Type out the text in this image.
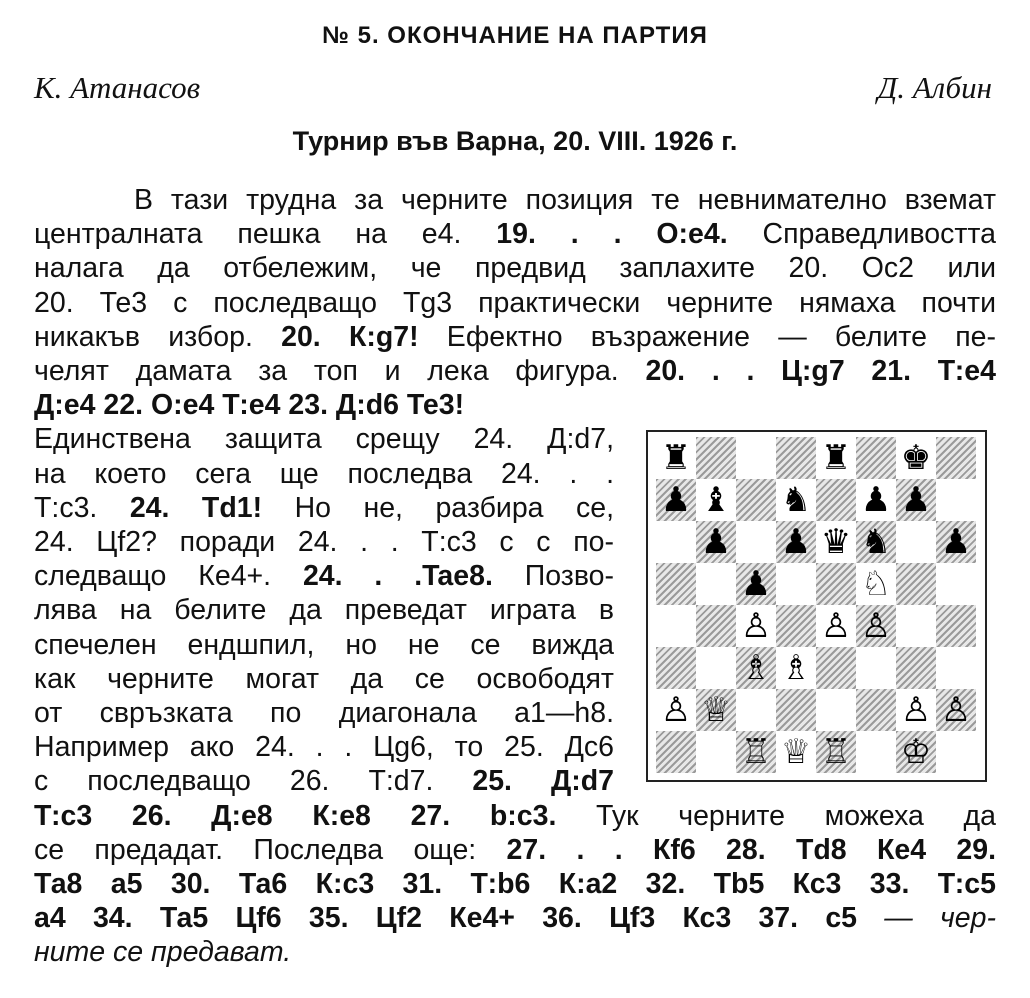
№ 5. ОКОНЧАНИЕ НА ПАРТИЯ
К. Атанасов	Д. Албин
Турнир във Варна, 20. VIII. 1926 г.
В тази трудна за черните позиция те невнимателно вземат
централната пешка на е4. 19. . . О:е4. Справедливостта
налага да отбележим, че предвид заплахите 20. Ос2 или
20. Те3 с последващо Tg3 практически черните нямаха почти
никакъв избор. 20. К:g7! Ефектно възражение — белите пе-
челят дамата за топ и лека фигура. 20. . . Ц:g7 21. Т:е4
Д:е4 22. О:е4 Т:е4 23. Д:d6 Те3!
Единствена защита срещу 24. Д:d7,
на което сега ще последва 24. . .
Т:с3. 24. Тd1! Но не, разбира се,
24. Цf2? поради 24. . . Т:с3 с с по-
следващо Ке4+. 24. . .Tae8. Позво-
лява на белите да преведат играта в
спечелен ендшпил, но не се вижда
как черните могат да се освободят
от свръзката по диагонала а1—h8.
Например ако 24. . . Цg6, то 25. Дс6
с последващо 26. Т:d7. 25. Д:d7
Т:с3 26. Д:е8 К:е8 27. b:с3. Тук черните можеха да
се предадат. Последва още: 27. . . Кf6 28. Тd8 Ке4 29.
Та8 а5 30. Та6 К:с3 31. Т:b6 К:а2 32. Тb5 Кс3 33. Т:с5
а4 34. Та5 Цf6 35. Цf2 Ке4+ 36. Цf3 Кс3 37. с5 — чер-
♜	♜ ♚
♟ ♝ ♞ ♟ ♟
♟ ♟ ♛ ♞ ♟
♟	♘
♙ ♙ ♙
♗ ♗
♙ ♕	♙ ♙
♖ ♕ ♖ ♔
ните се предават.
